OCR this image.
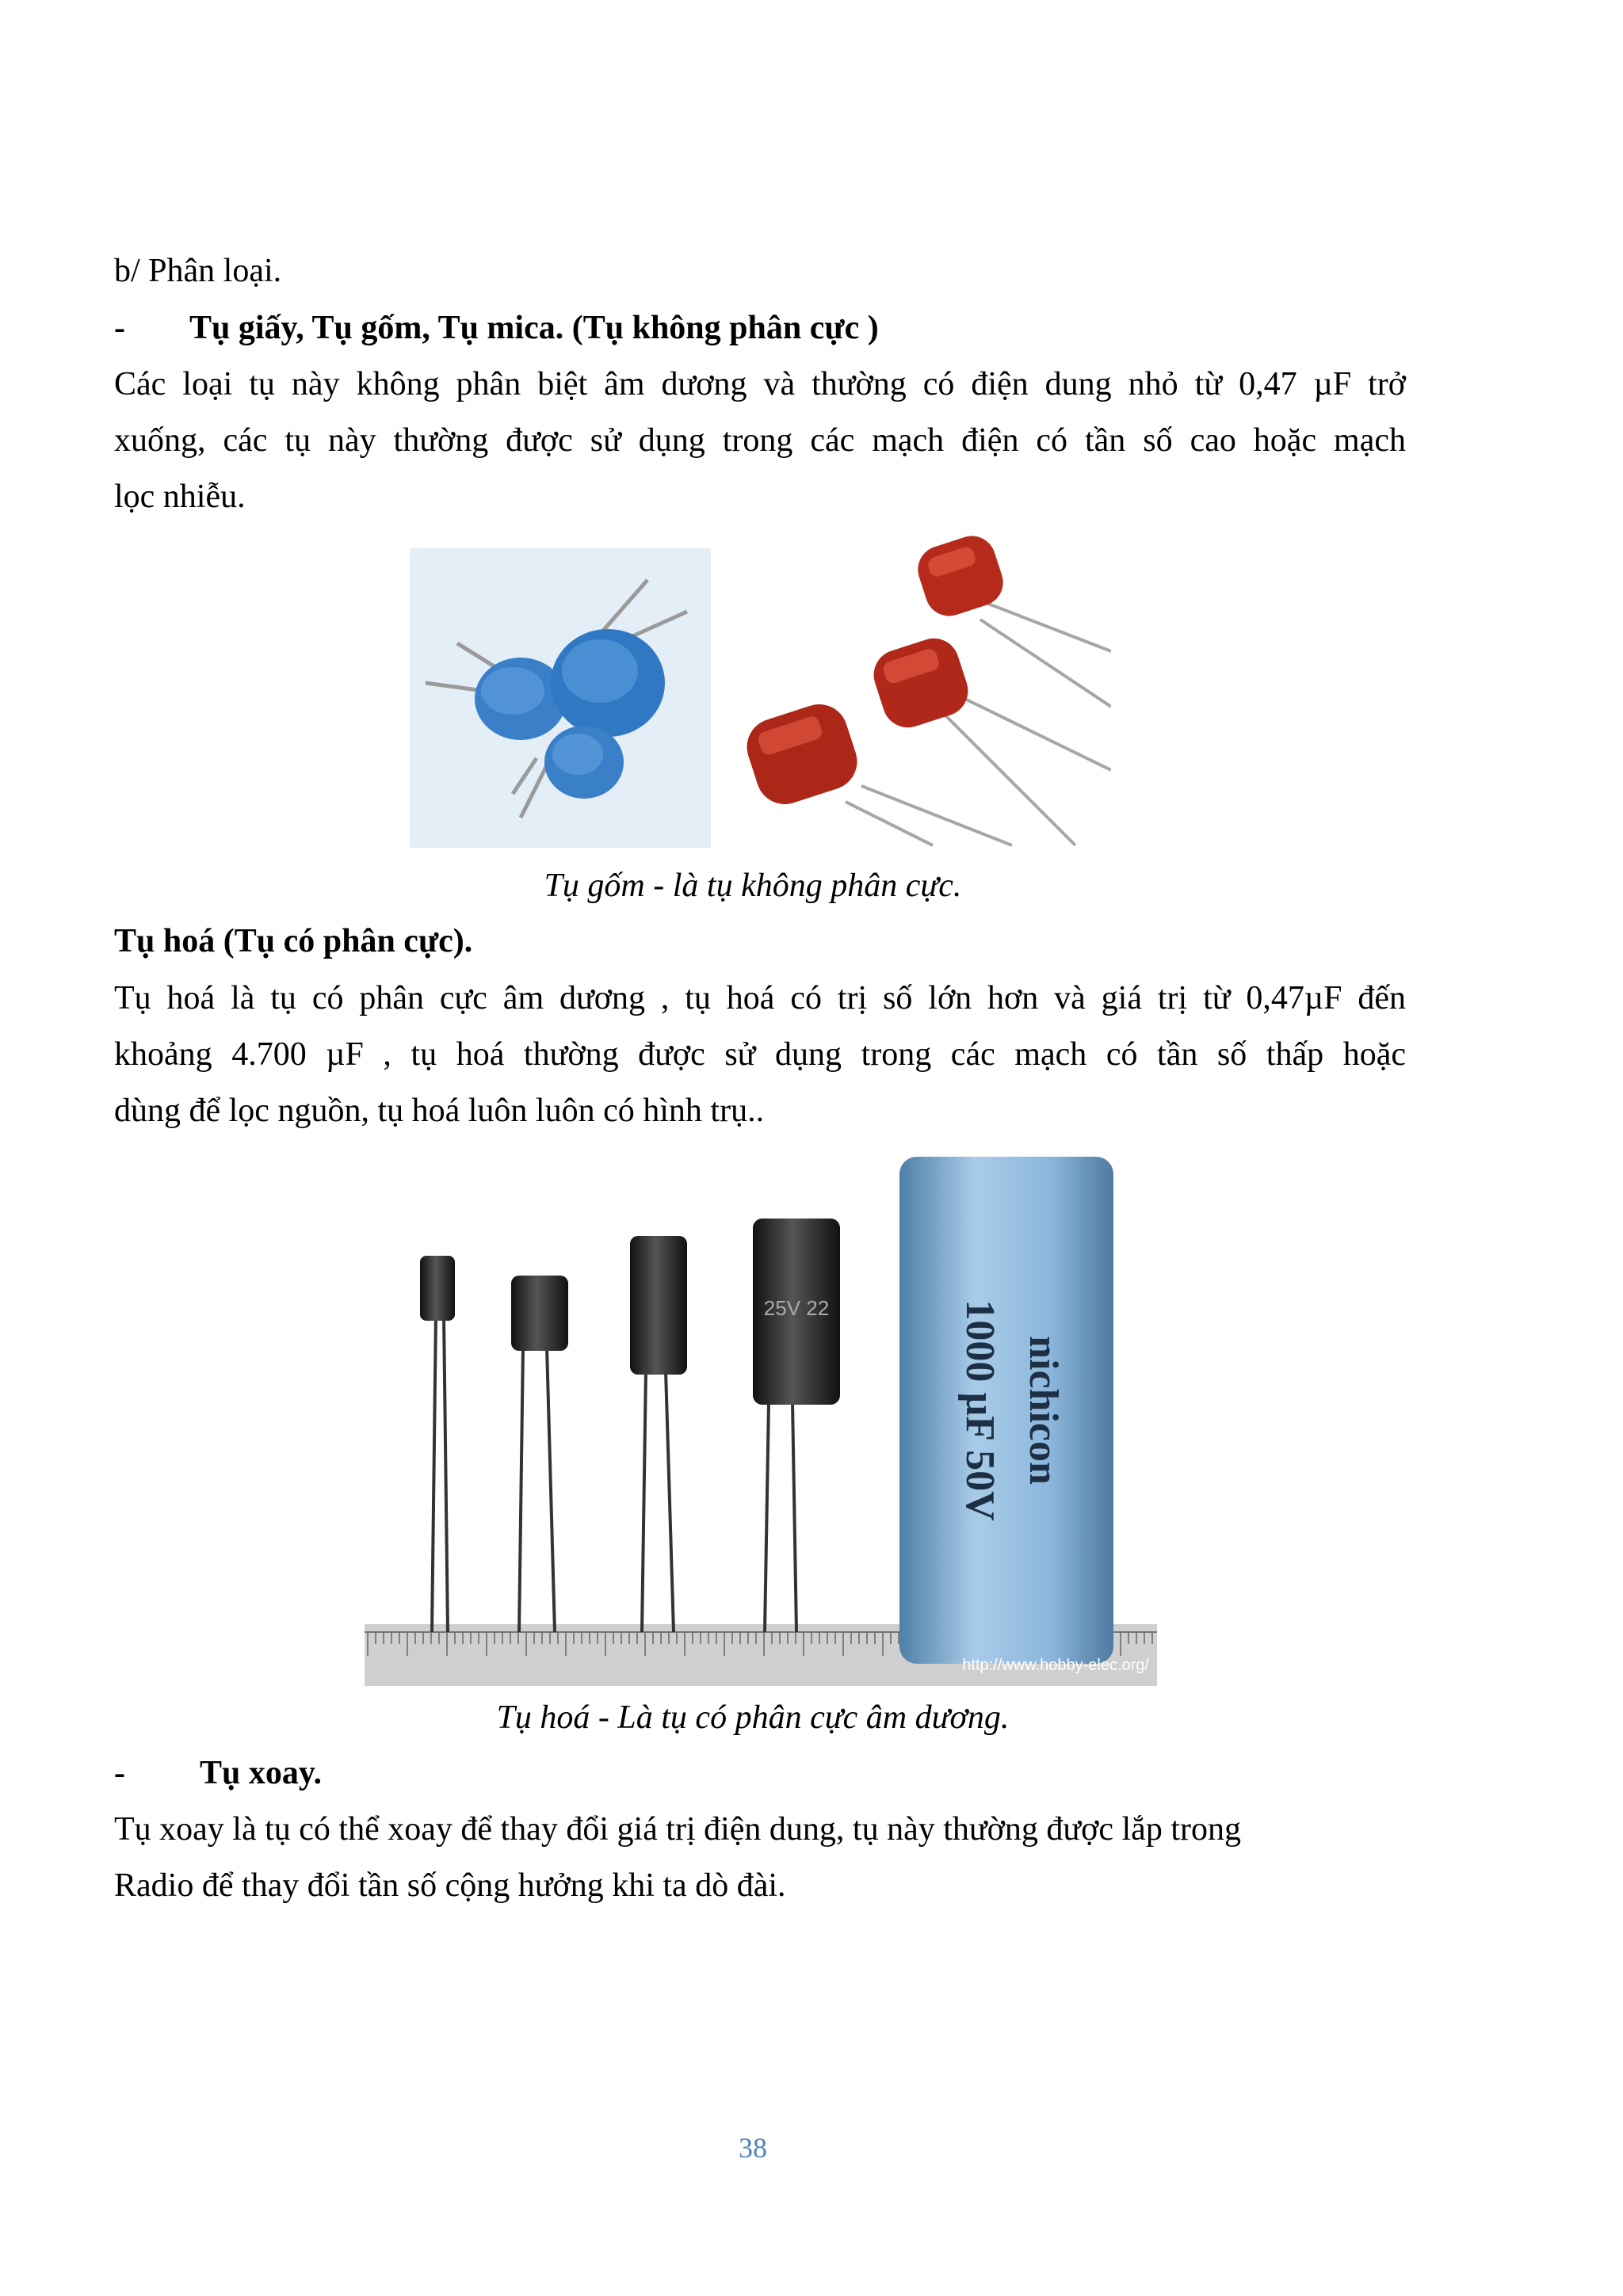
b/ Phân loại.
- Tụ giấy, Tụ gốm, Tụ mica. (Tụ không phân cực )
Các loại tụ này không phân biệt âm dương và thường có điện dung nhỏ từ 0,47 µF trở
xuống, các tụ này thường được sử dụng trong các mạch điện có tần số cao hoặc mạch
lọc nhiễu.
Tụ gốm - là tụ không phân cực.
Tụ hoá (Tụ có phân cực).
Tụ hoá là tụ có phân cực âm dương , tụ hoá có trị số lớn hơn và giá trị từ 0,47µF đến
khoảng 4.700 µF , tụ hoá thường được sử dụng trong các mạch có tần số thấp hoặc
dùng để lọc nguồn, tụ hoá luôn luôn có hình trụ..
25V 22	1000 µF 50V nichicon
http://www.hobby-elec.org/
Tụ hoá - Là tụ có phân cực âm dương.
- Tụ xoay.
Tụ xoay là tụ có thể xoay để thay đổi giá trị điện dung, tụ này thường được lắp trong
Radio để thay đổi tần số cộng hưởng khi ta dò đài.
38
